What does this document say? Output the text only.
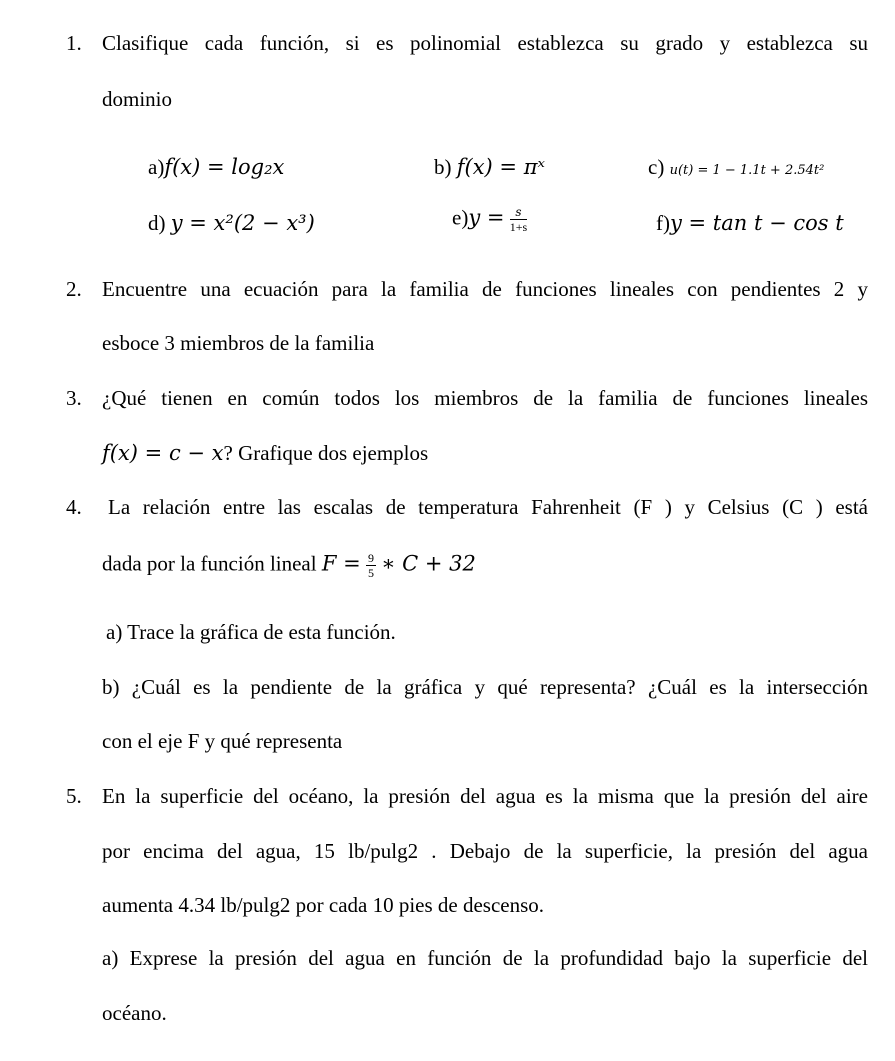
1. Clasifique cada función, si es polinomial establezca su grado y establezca su
dominio
a)f(x) = log₂x	b) f(x) = πˣ	c) u(t) = 1 − 1.1t + 2.54t²
d) y = x²(2 − x³)	$e)y = \frac{s}{1+s}$	f)y = tan t − cos t
2. Encuentre una ecuación para la familia de funciones lineales con pendientes 2 y
esboce 3 miembros de la familia
3. ¿Qué tienen en común todos los miembros de la familia de funciones lineales
f(x) = c − x? Grafique dos ejemplos
4. La relación entre las escalas de temperatura Fahrenheit (F ) y Celsius (C ) está
dada por la función lineal $F = \frac{9}{5}$ ∗ C + 32
a) Trace la gráfica de esta función.
b) ¿Cuál es la pendiente de la gráfica y qué representa? ¿Cuál es la intersección
con el eje F y qué representa
5. En la superficie del océano, la presión del agua es la misma que la presión del aire
por encima del agua, 15 lb/pulg2 . Debajo de la superficie, la presión del agua
aumenta 4.34 lb/pulg2 por cada 10 pies de descenso.
a) Exprese la presión del agua en función de la profundidad bajo la superficie del
océano.
